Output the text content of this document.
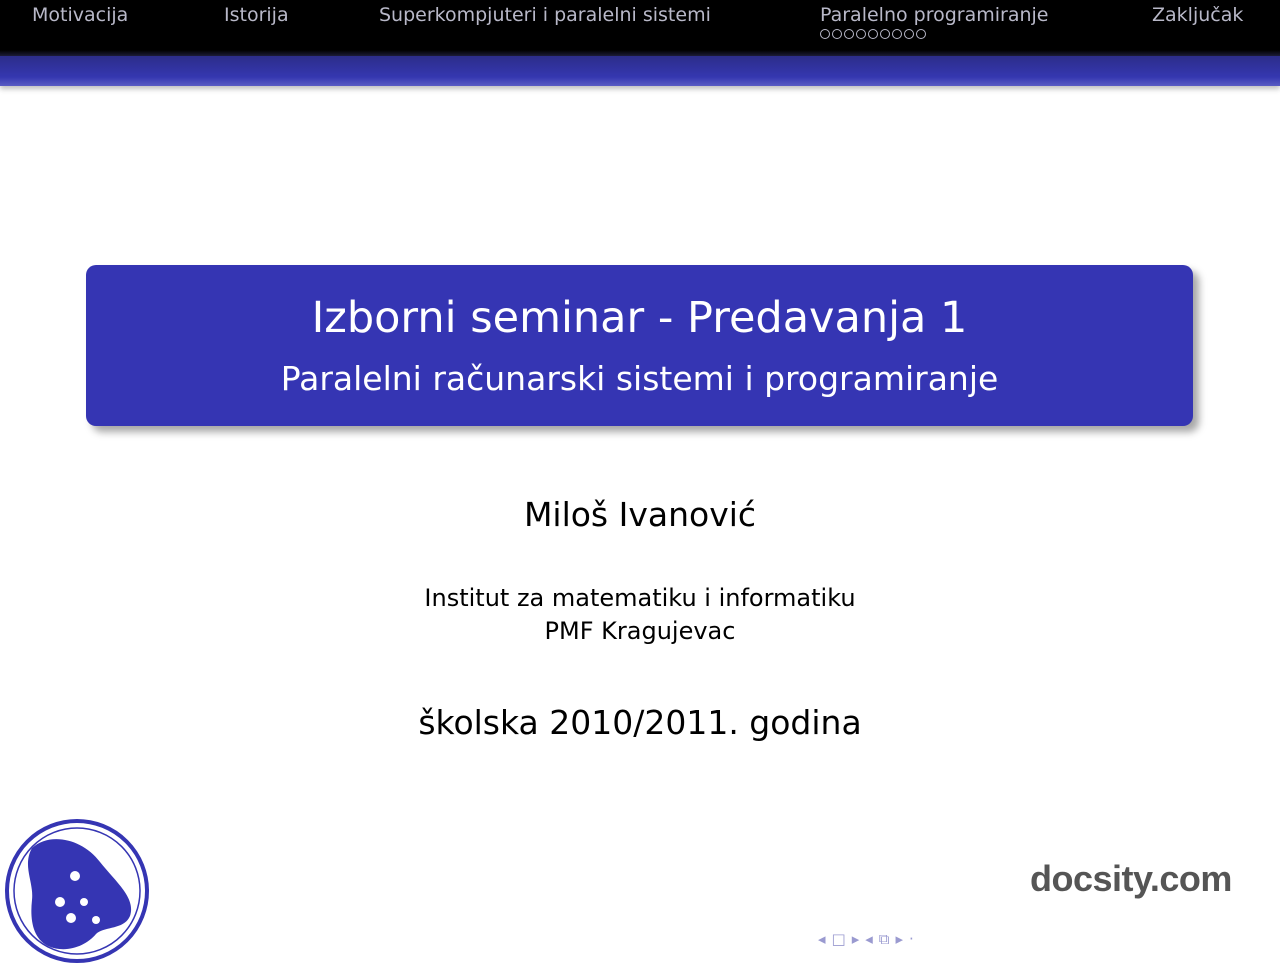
Motivacija	Istorija	Superkompjuteri i paralelni sistemi	Paralelno programiranje	Zaključak
Izborni seminar - Predavanja 1
Paralelni računarski sistemi i programiranje
Miloš Ivanović
Institut za matematiku i informatiku
PMF Kragujevac
školska 2010/2011. godina
docsity.com
◂ □ ▸ ◂ ⧉ ▸ ·
